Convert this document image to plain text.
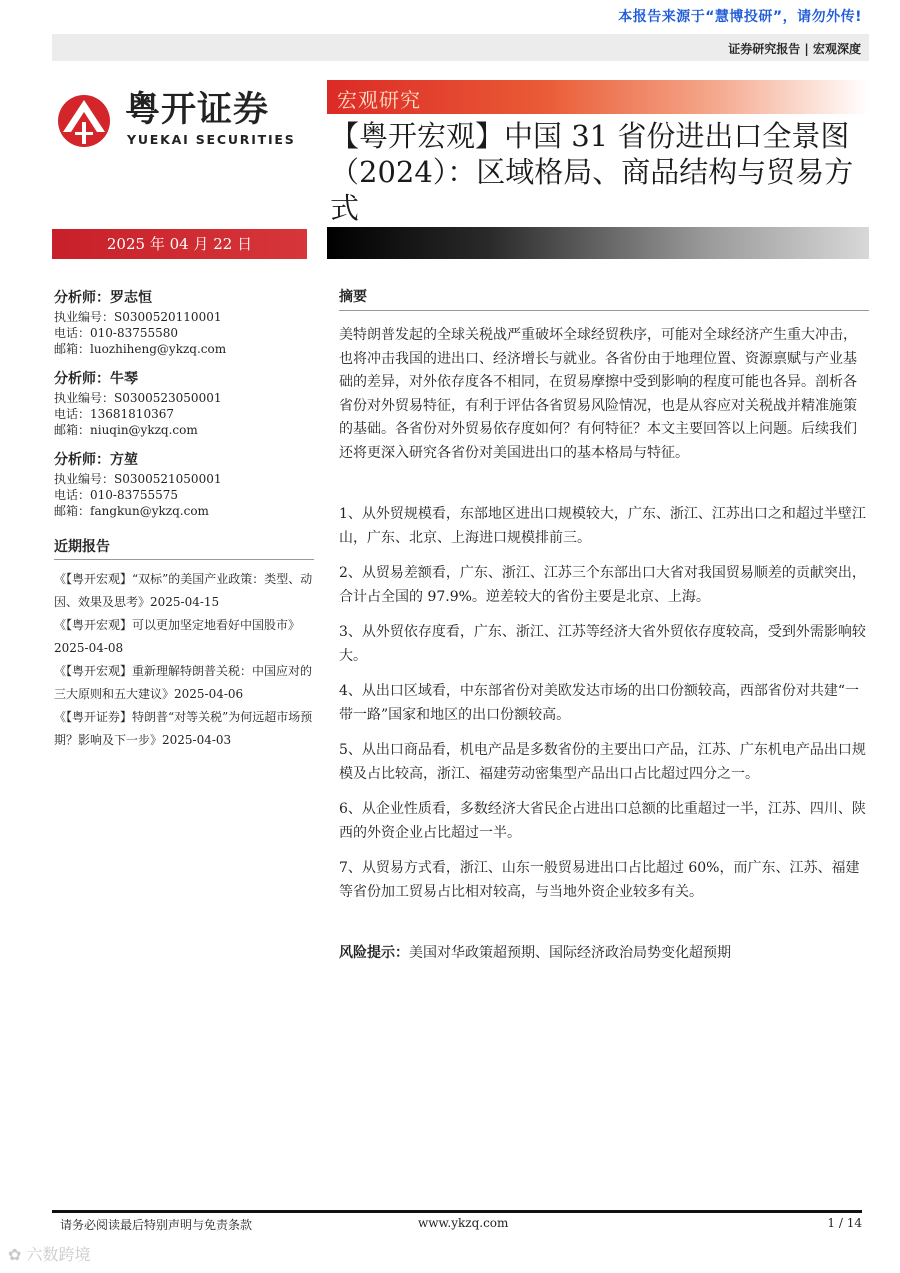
本报告来源于“慧博投研”，请勿外传!
证券研究报告 | 宏观深度
粤开证券
YUEKAI SECURITIES
2025 年 04 月 22 日
宏观研究
【粤开宏观】中国 31 省份进出口全景图（2024）：区域格局、商品结构与贸易方式
分析师：罗志恒
执业编号：S0300520110001
电话：010-83755580
邮箱：luozhiheng@ykzq.com
分析师：牛琴
执业编号：S0300523050001
电话：13681810367
邮箱：niuqin@ykzq.com
分析师：方堃
执业编号：S0300521050001
电话：010-83755575
邮箱：fangkun@ykzq.com
近期报告
《【粤开宏观】“双标”的美国产业政策：类型、动因、效果及思考》2025-04-15
《【粤开宏观】可以更加坚定地看好中国股市》2025-04-08
《【粤开宏观】重新理解特朗普关税：中国应对的三大原则和五大建议》2025-04-06
《【粤开证券】特朗普“对等关税”为何远超市场预期？影响及下一步》2025-04-03
摘要

美特朗普发起的全球关税战严重破坏全球经贸秩序，可能对全球经济产生重大冲击，也将冲击我国的进出口、经济增长与就业。各省份由于地理位置、资源禀赋与产业基础的差异，对外依存度各不相同，在贸易摩擦中受到影响的程度可能也各异。剖析各省份对外贸易特征，有利于评估各省贸易风险情况，也是从容应对关税战并精准施策的基础。各省份对外贸易依存度如何？有何特征？本文主要回答以上问题。后续我们还将更深入研究各省份对美国进出口的基本格局与特征。

1、从外贸规模看，东部地区进出口规模较大，广东、浙江、江苏出口之和超过半壁江山，广东、北京、上海进口规模排前三。

2、从贸易差额看，广东、浙江、江苏三个东部出口大省对我国贸易顺差的贡献突出，合计占全国的 97.9%。逆差较大的省份主要是北京、上海。

3、从外贸依存度看，广东、浙江、江苏等经济大省外贸依存度较高，受到外需影响较大。

4、从出口区域看，中东部省份对美欧发达市场的出口份额较高，西部省份对共建“一带一路”国家和地区的出口份额较高。

5、从出口商品看，机电产品是多数省份的主要出口产品，江苏、广东机电产品出口规模及占比较高，浙江、福建劳动密集型产品出口占比超过四分之一。

6、从企业性质看，多数经济大省民企占进出口总额的比重超过一半，江苏、四川、陕西的外资企业占比超过一半。

7、从贸易方式看，浙江、山东一般贸易进出口占比超过 60%，而广东、江苏、福建等省份加工贸易占比相对较高，与当地外资企业较多有关。

风险提示：美国对华政策超预期、国际经济政治局势变化超预期

请务必阅读最后特别声明与免责条款	www.ykzq.com	1 / 14
✿ 六数跨境
